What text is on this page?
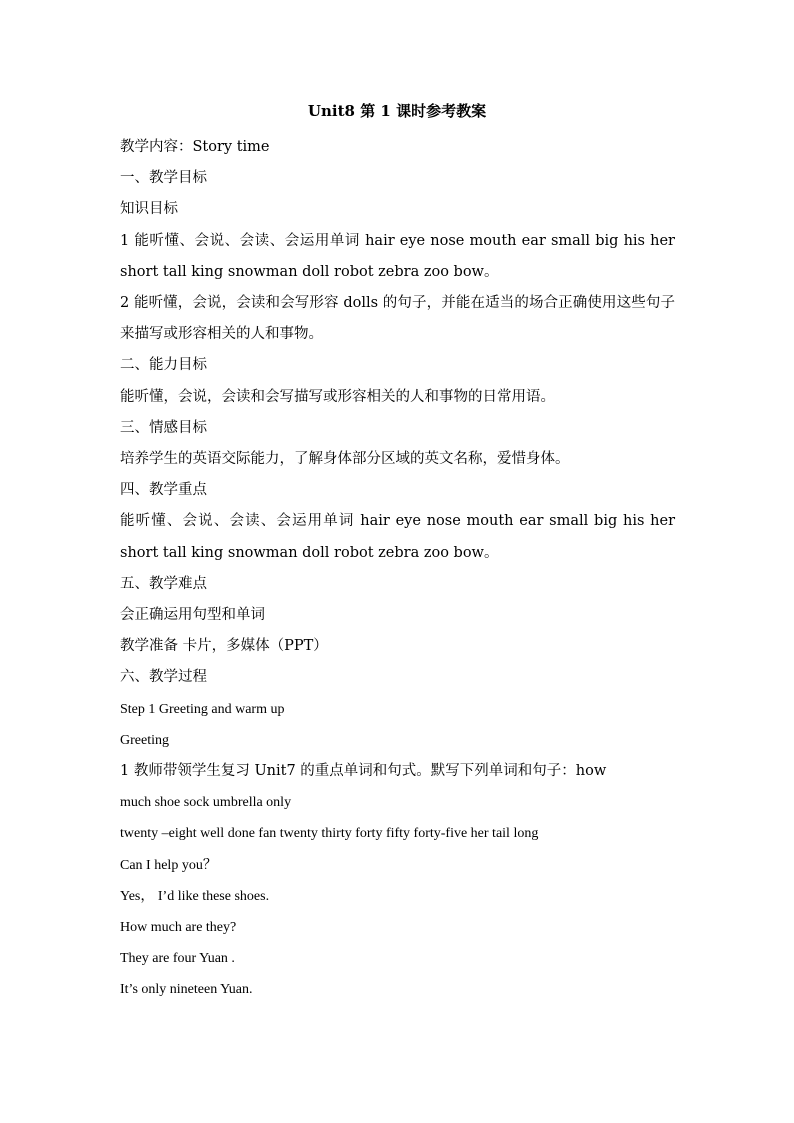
Unit8 第 1 课时参考教案
教学内容：Story time
一、教学目标
知识目标
1 能听懂、会说、会读、会运用单词 hair eye nose mouth ear small big his her short tall king snowman doll robot zebra zoo bow。
2 能听懂，会说，会读和会写形容 dolls 的句子，并能在适当的场合正确使用这些句子来描写或形容相关的人和事物。
二、能力目标
能听懂，会说，会读和会写描写或形容相关的人和事物的日常用语。
三、情感目标
培养学生的英语交际能力，了解身体部分区域的英文名称，爱惜身体。
四、教学重点
能听懂、会说、会读、会运用单词 hair eye nose mouth ear small big his her short tall king snowman doll robot zebra zoo bow。
五、教学难点
会正确运用句型和单词
教学准备 卡片，多媒体（PPT）
六、教学过程
Step 1 Greeting and warm up
Greeting
1 教师带领学生复习 Unit7 的重点单词和句式。默写下列单词和句子：how
much shoe sock umbrella only
twenty –eight well done fan twenty thirty forty fifty forty-five her tail long
Can I help you？
Yes， I’d like these shoes.
How much are they?
They are four Yuan .
It’s only nineteen Yuan.
